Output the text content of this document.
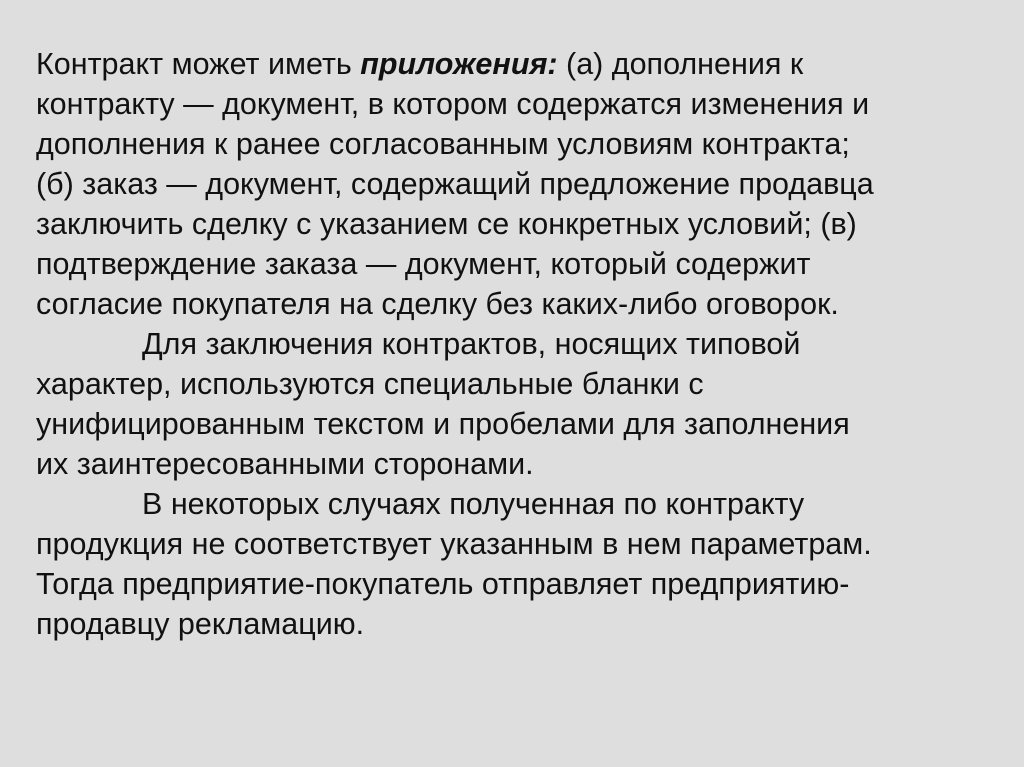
Контракт может иметь приложения: (а) дополнения к
контракту — документ, в котором содержатся изменения и
дополнения к ранее согласованным условиям контракта;
(б) заказ — документ, содержащий предложение продавца
заключить сделку с указанием се конкретных условий; (в)
подтверждение заказа — документ, который содержит
согласие покупателя на сделку без каких-либо оговорок.
Для заключения контрактов, носящих типовой
характер, используются специальные бланки с
унифицированным текстом и пробелами для заполнения
их заинтересованными сторонами.
В некоторых случаях полученная по контракту
продукция не соответствует указанным в нем параметрам.
Тогда предприятие-покупатель отправляет предприятию-
продавцу рекламацию.
